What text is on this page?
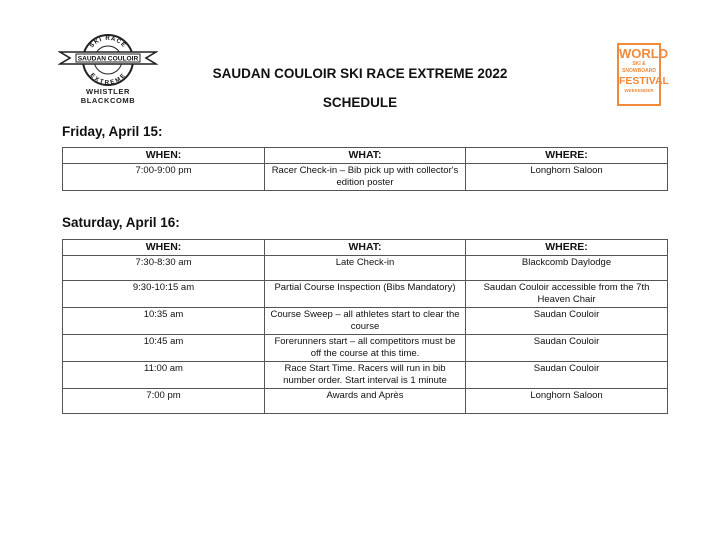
SAUDAN COULOIR
SKI RACE
EXTREME
WHISTLER BLACKCOMB
WORLD
SKI & SNOWBOARD
FESTIVAL
WEEKENDER
SAUDAN COULOIR SKI RACE EXTREME 2022
SCHEDULE
Friday, April 15:
WHEN:	WHAT:	WHERE:
7:00-9:00 pm	Racer Check-in – Bib pick up with collector's edition poster	Longhorn Saloon
Saturday, April 16:
WHEN:	WHAT:	WHERE:
7:30-8:30 am	Late Check-in	Blackcomb Daylodge
9:30-10:15 am	Partial Course Inspection (Bibs Mandatory)	Saudan Couloir accessible from the 7th Heaven Chair
10:35 am	Course Sweep – all athletes start to clear the course	Saudan Couloir
10:45 am	Forerunners start – all competitors must be off the course at this time.	Saudan Couloir
11:00 am	Race Start Time. Racers will run in bib number order. Start interval is 1 minute	Saudan Couloir
7:00 pm	Awards and Après	Longhorn Saloon
